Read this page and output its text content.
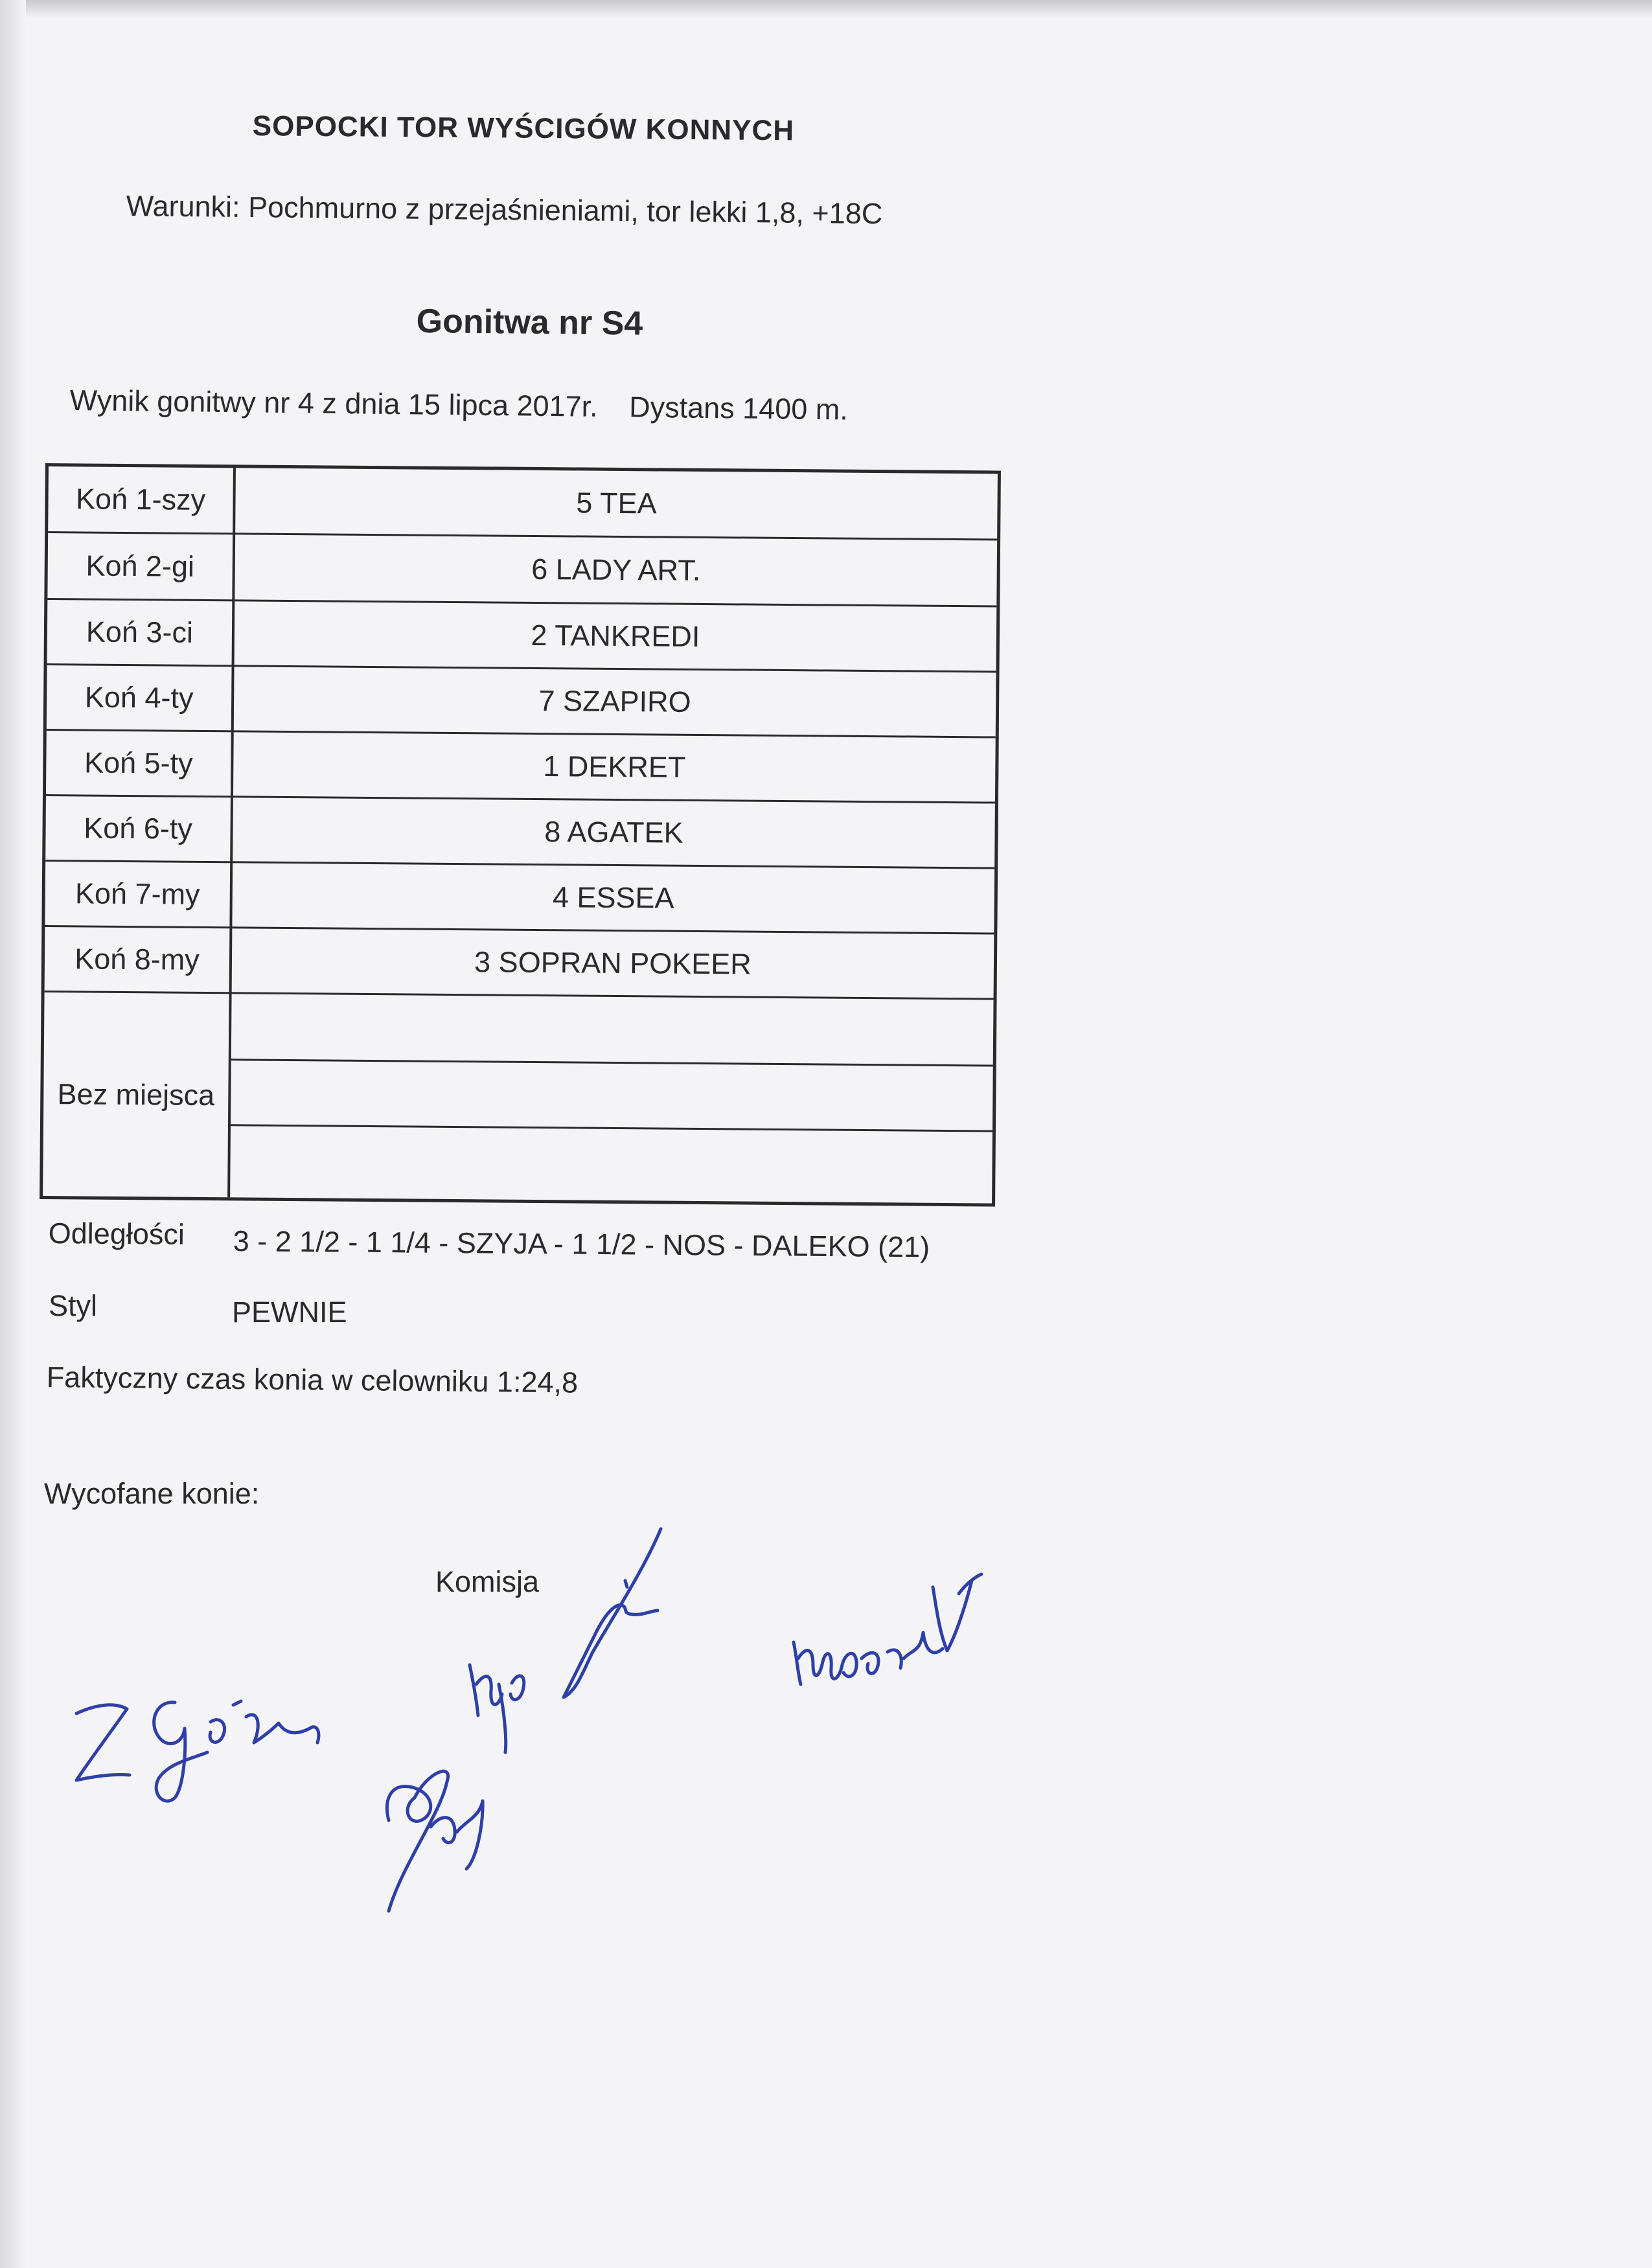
SOPOCKI TOR WYŚCIGÓW KONNYCH
Warunki: Pochmurno z przejaśnieniami, tor lekki 1,8, +18C
Gonitwa nr S4
Wynik gonitwy nr 4 z dnia 15 lipca 2017r. Dystans 1400 m.
Koń 1-szy	5 TEA
Koń 2-gi	6 LADY ART.
Koń 3-ci	2 TANKREDI
Koń 4-ty	7 SZAPIRO
Koń 5-ty	1 DEKRET
Koń 6-ty	8 AGATEK
Koń 7-my	4 ESSEA
Koń 8-my	3 SOPRAN POKEER
Bez miejsca
Odległości 3 - 2 1/2 - 1 1/4 - SZYJA - 1 1/2 - NOS - DALEKO (21)
Styl	PEWNIE
Faktyczny czas konia w celowniku 1:24,8
Wycofane konie:
Komisja
